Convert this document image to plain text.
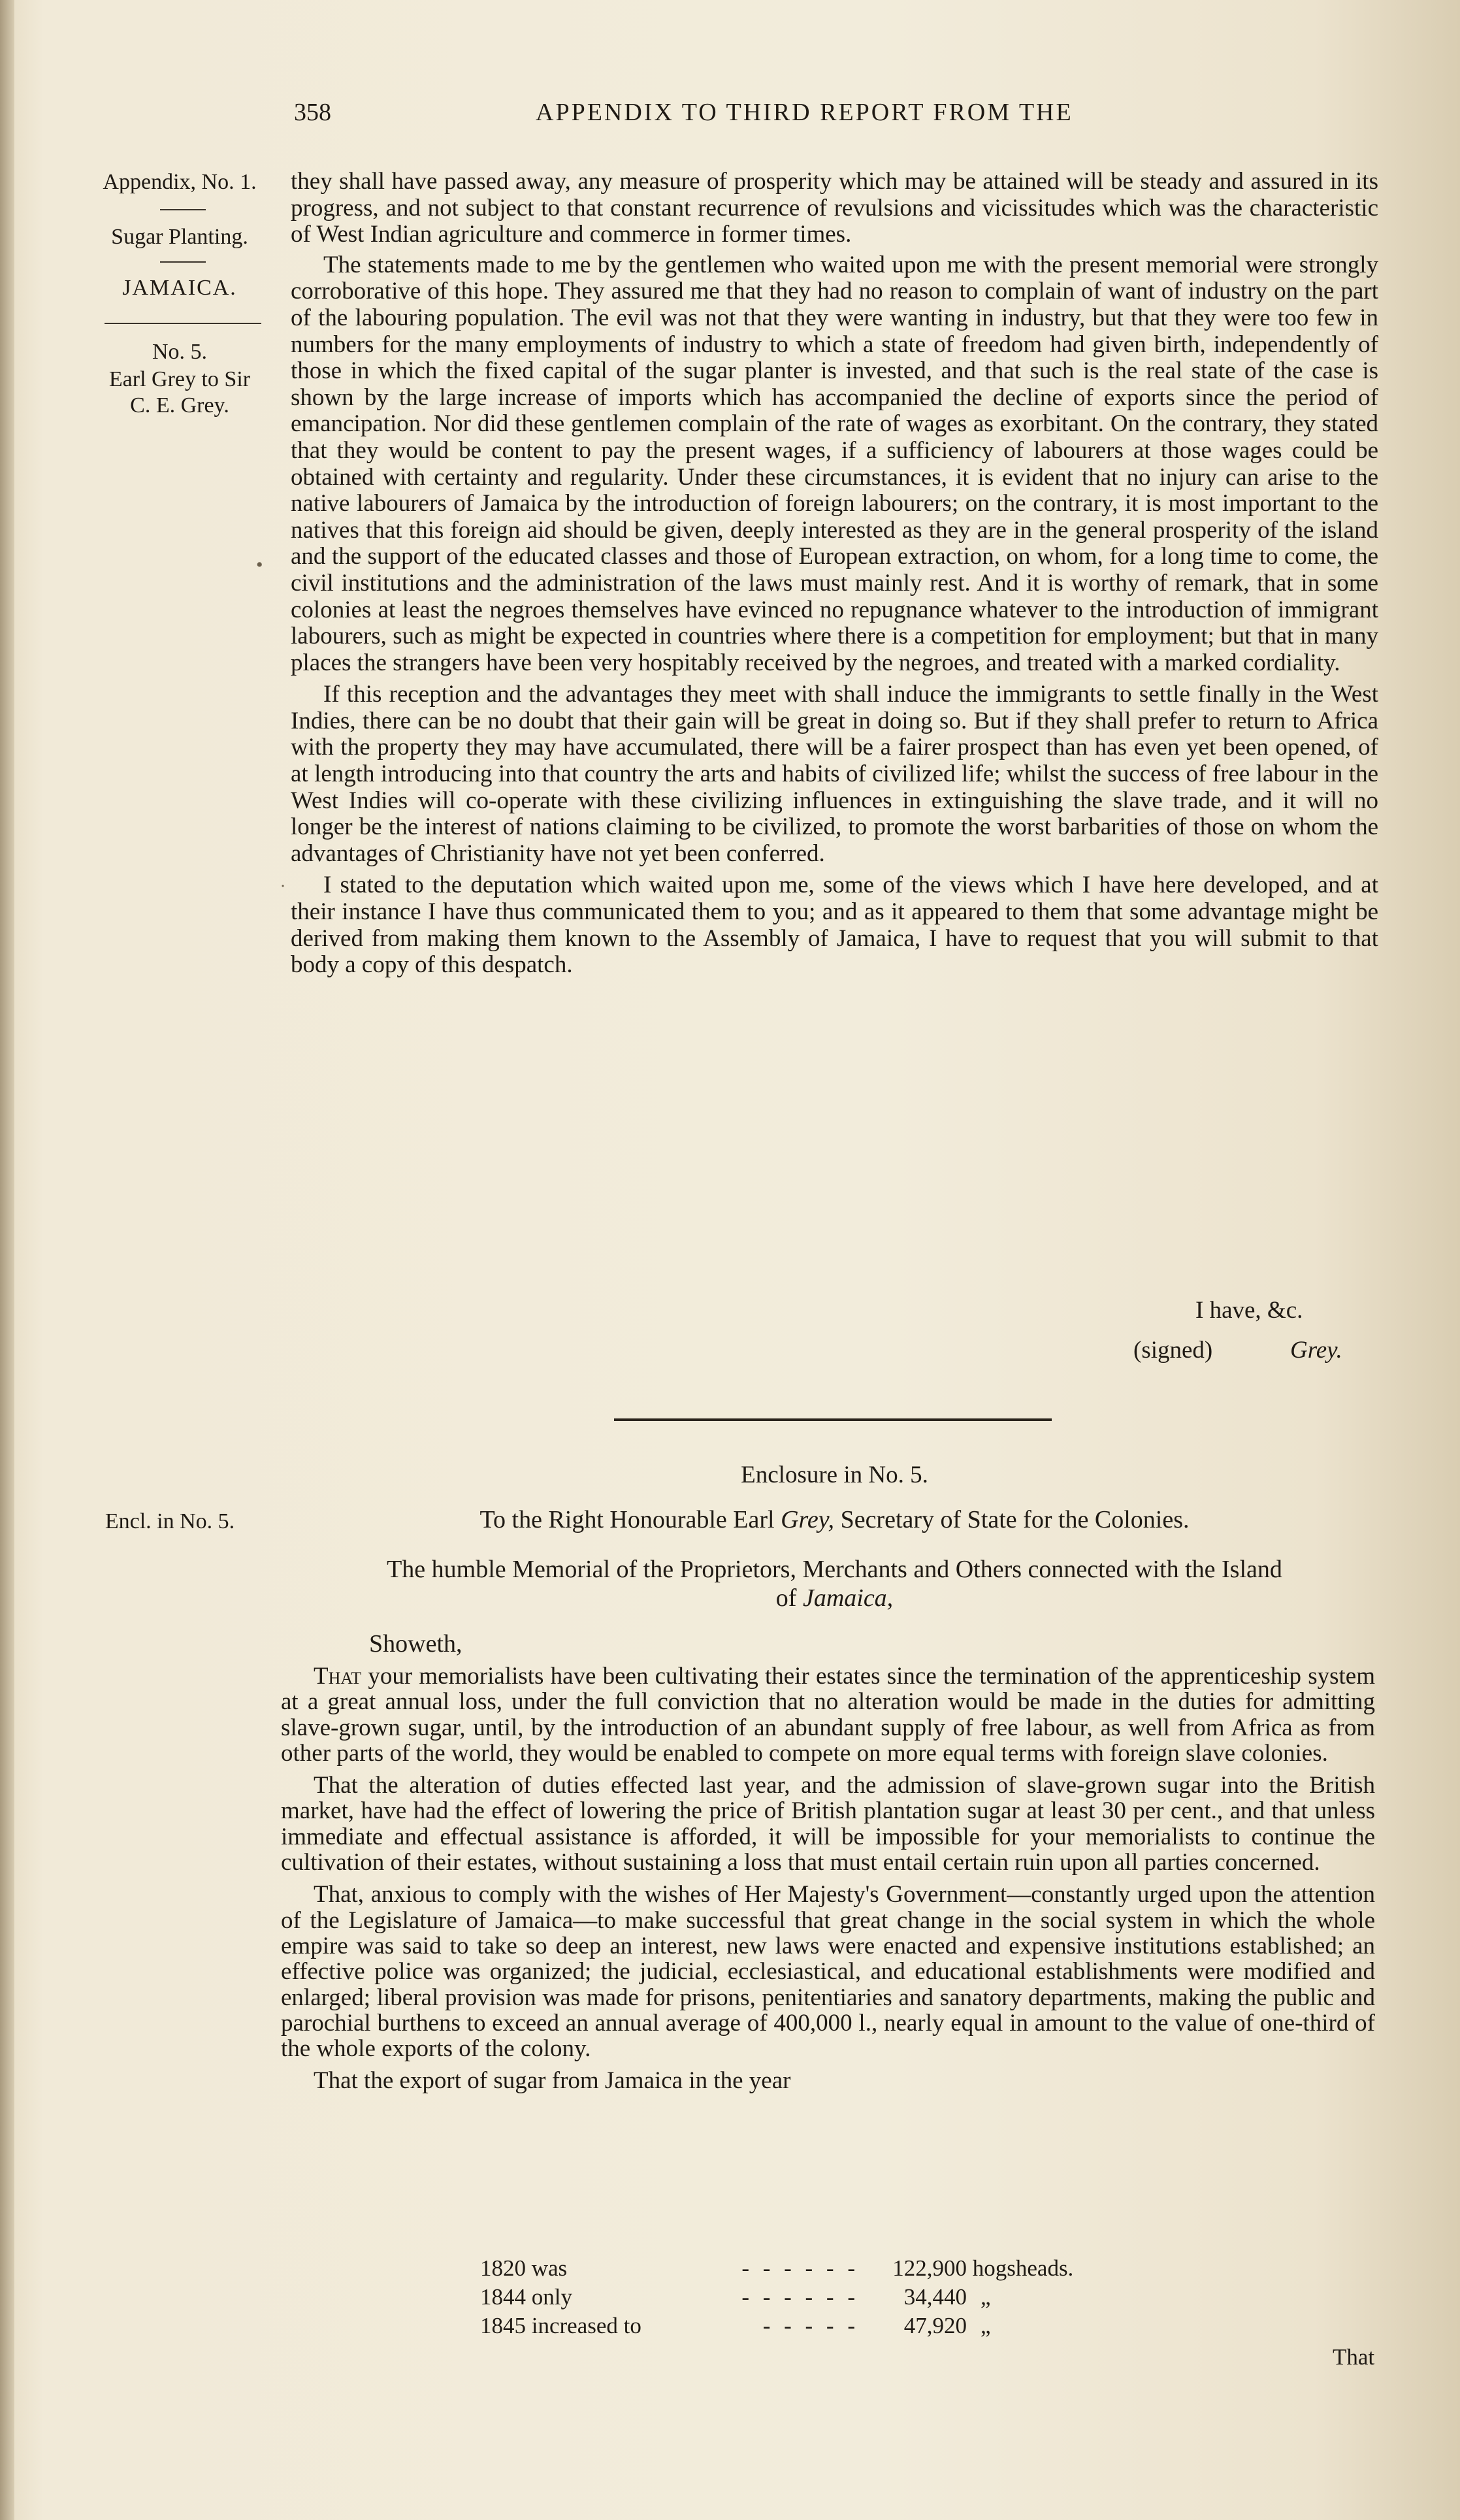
358	APPENDIX TO THIRD REPORT FROM THE
Appendix, No. 1.
Sugar Planting.
JAMAICA.
No. 5.
Earl Grey to Sir
C. E. Grey.
Encl. in No. 5.

they shall have passed away, any measure of prosperity which may be attained will be steady and assured in its progress, and not subject to that constant recurrence of revulsions and vicissitudes which was the characteristic of West Indian agriculture and commerce in former times.

The statements made to me by the gentlemen who waited upon me with the present memorial were strongly corroborative of this hope. They assured me that they had no reason to complain of want of industry on the part of the labouring population. The evil was not that they were wanting in industry, but that they were too few in numbers for the many employments of industry to which a state of freedom had given birth, independently of those in which the fixed capital of the sugar planter is invested, and that such is the real state of the case is shown by the large increase of imports which has accompanied the decline of exports since the period of emancipation. Nor did these gentlemen complain of the rate of wages as exorbitant. On the contrary, they stated that they would be content to pay the present wages, if a sufficiency of labourers at those wages could be obtained with certainty and regularity. Under these circumstances, it is evident that no injury can arise to the native labourers of Jamaica by the introduction of foreign labourers; on the contrary, it is most important to the natives that this foreign aid should be given, deeply interested as they are in the general prosperity of the island and the support of the educated classes and those of European extraction, on whom, for a long time to come, the civil institutions and the administration of the laws must mainly rest. And it is worthy of remark, that in some colonies at least the negroes themselves have evinced no repugnance whatever to the introduction of immigrant labourers, such as might be expected in countries where there is a competition for employment; but that in many places the strangers have been very hospitably received by the negroes, and treated with a marked cordiality.

If this reception and the advantages they meet with shall induce the immigrants to settle finally in the West Indies, there can be no doubt that their gain will be great in doing so. But if they shall prefer to return to Africa with the property they may have accumulated, there will be a fairer prospect than has even yet been opened, of at length introducing into that country the arts and habits of civilized life; whilst the success of free labour in the West Indies will co-operate with these civilizing influences in extinguishing the slave trade, and it will no longer be the interest of nations claiming to be civilized, to promote the worst barbarities of those on whom the advantages of Christianity have not yet been conferred.

I stated to the deputation which waited upon me, some of the views which I have here developed, and at their instance I have thus communicated them to you; and as it appeared to them that some advantage might be derived from making them known to the Assembly of Jamaica, I have to request that you will submit to that body a copy of this despatch.

I have, &c.
(signed)	Grey.
Enclosure in No. 5.
To the Right Honourable Earl Grey, Secretary of State for the Colonies.
The humble Memorial of the Proprietors, Merchants and Others connected with the Island
of Jamaica,
Showeth,

That your memorialists have been cultivating their estates since the termination of the apprenticeship system at a great annual loss, under the full conviction that no alteration would be made in the duties for admitting slave-grown sugar, until, by the introduction of an abundant supply of free labour, as well from Africa as from other parts of the world, they would be enabled to compete on more equal terms with foreign slave colonies.

That the alteration of duties effected last year, and the admission of slave-grown sugar into the British market, have had the effect of lowering the price of British plantation sugar at least 30 per cent., and that unless immediate and effectual assistance is afforded, it will be impossible for your memorialists to continue the cultivation of their estates, without sustaining a loss that must entail certain ruin upon all parties concerned.

That, anxious to comply with the wishes of Her Majesty's Government—constantly urged upon the attention of the Legislature of Jamaica—to make successful that great change in the social system in which the whole empire was said to take so deep an interest, new laws were enacted and expensive institutions established; an effective police was organized; the judicial, ecclesiastical, and educational establishments were modified and enlarged; liberal provision was made for prisons, penitentiaries and sanatory departments, making the public and parochial burthens to exceed an annual average of 400,000 l., nearly equal in amount to the value of one-third of the whole exports of the colony.

That the export of sugar from Jamaica in the year

1820 was	- - - - - - 122,900 hogsheads.
1844 only	- - - - - - 34,440 „
1845 increased to	- - - - - 47,920 „
That
•
˙
